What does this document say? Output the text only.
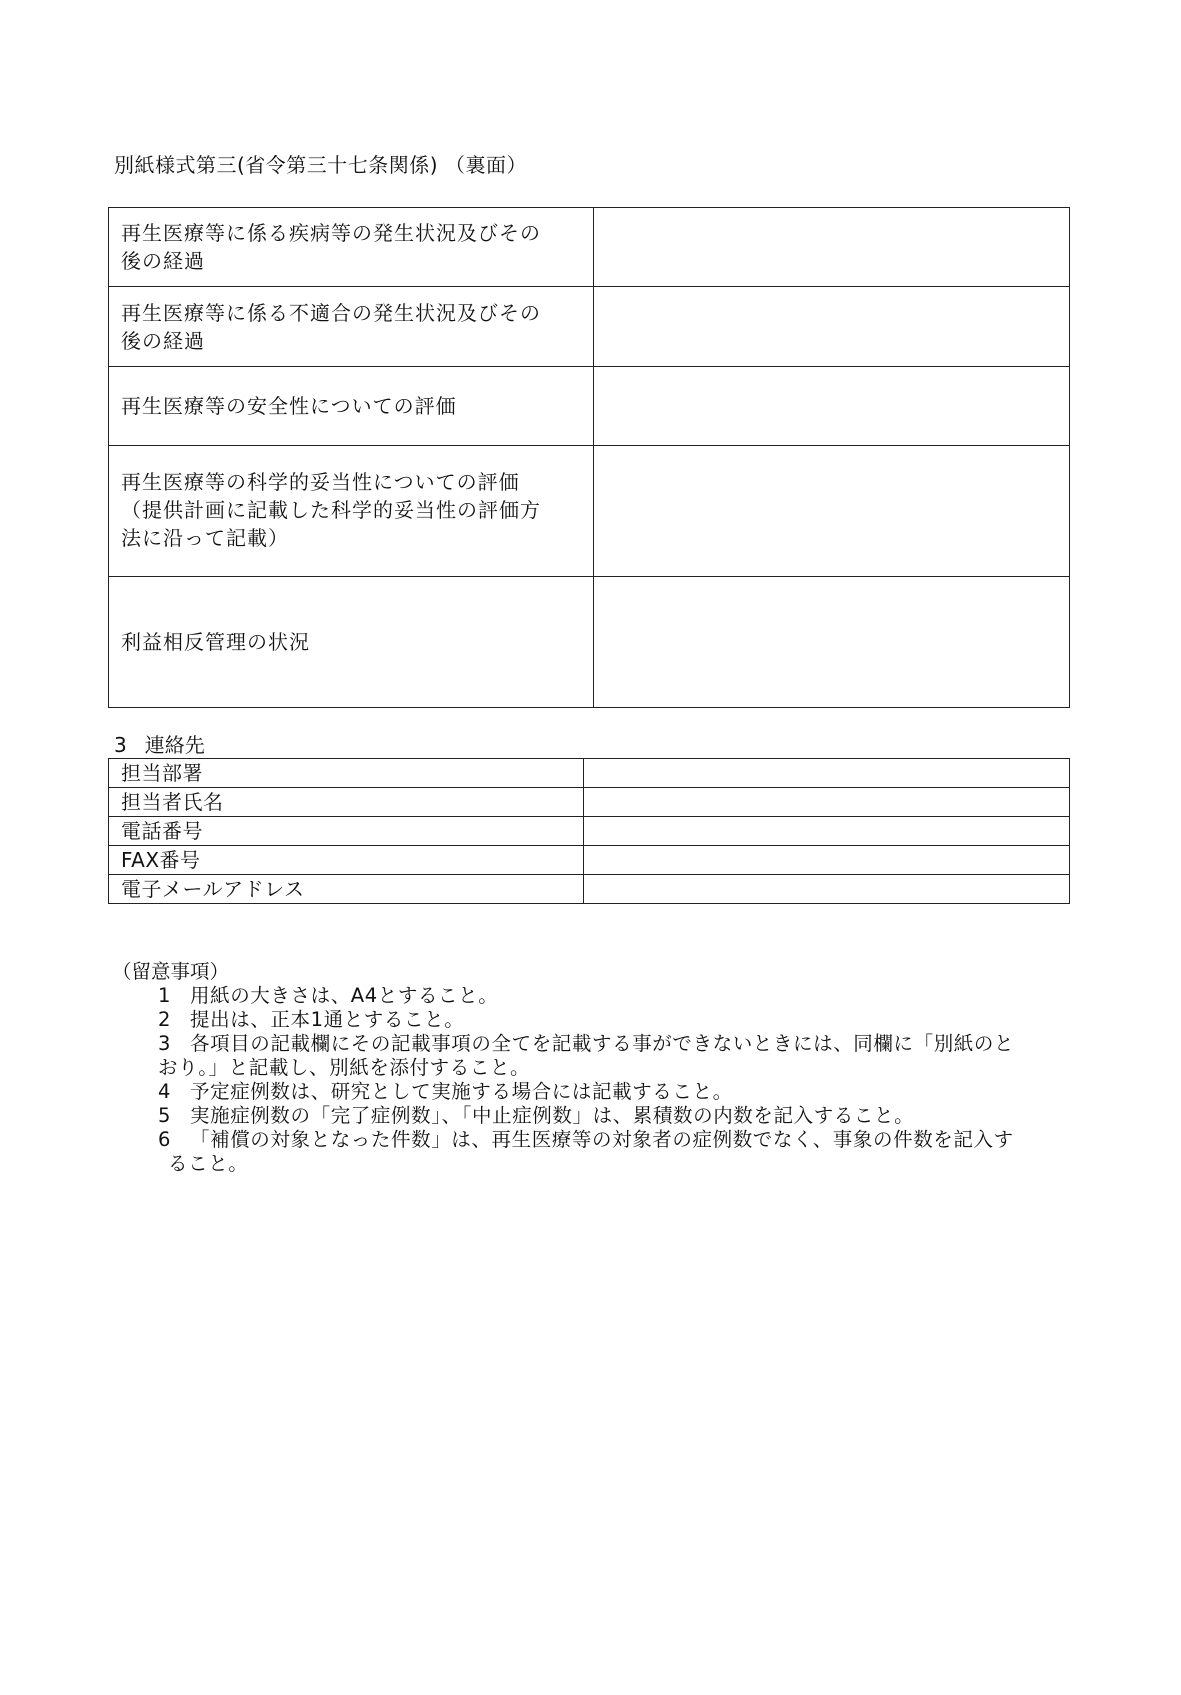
別紙様式第三(省令第三十七条関係) （裏面）
再生医療等に係る疾病等の発生状況及びその
後の経過	

再生医療等に係る不適合の発生状況及びその
後の経過	

再生医療等の安全性についての評価	

再生医療等の科学的妥当性についての評価
（提供計画に記載した科学的妥当性の評価方
法に沿って記載）	

利益相反管理の状況	

3 連絡先
担当部署	
担当者氏名	
電話番号	
FAX番号	
電子メールアドレス	
（留意事項）
1 用紙の大きさは、A4とすること。
2 提出は、正本1通とすること。
3 各項目の記載欄にその記載事項の全てを記載する事ができないときには、同欄に「別紙のと
おり。」と記載し、別紙を添付すること。
4 予定症例数は、研究として実施する場合には記載すること。
5 実施症例数の「完了症例数」、「中止症例数」は、累積数の内数を記入すること。
6 「補償の対象となった件数」は、再生医療等の対象者の症例数でなく、事象の件数を記入す
ること。
